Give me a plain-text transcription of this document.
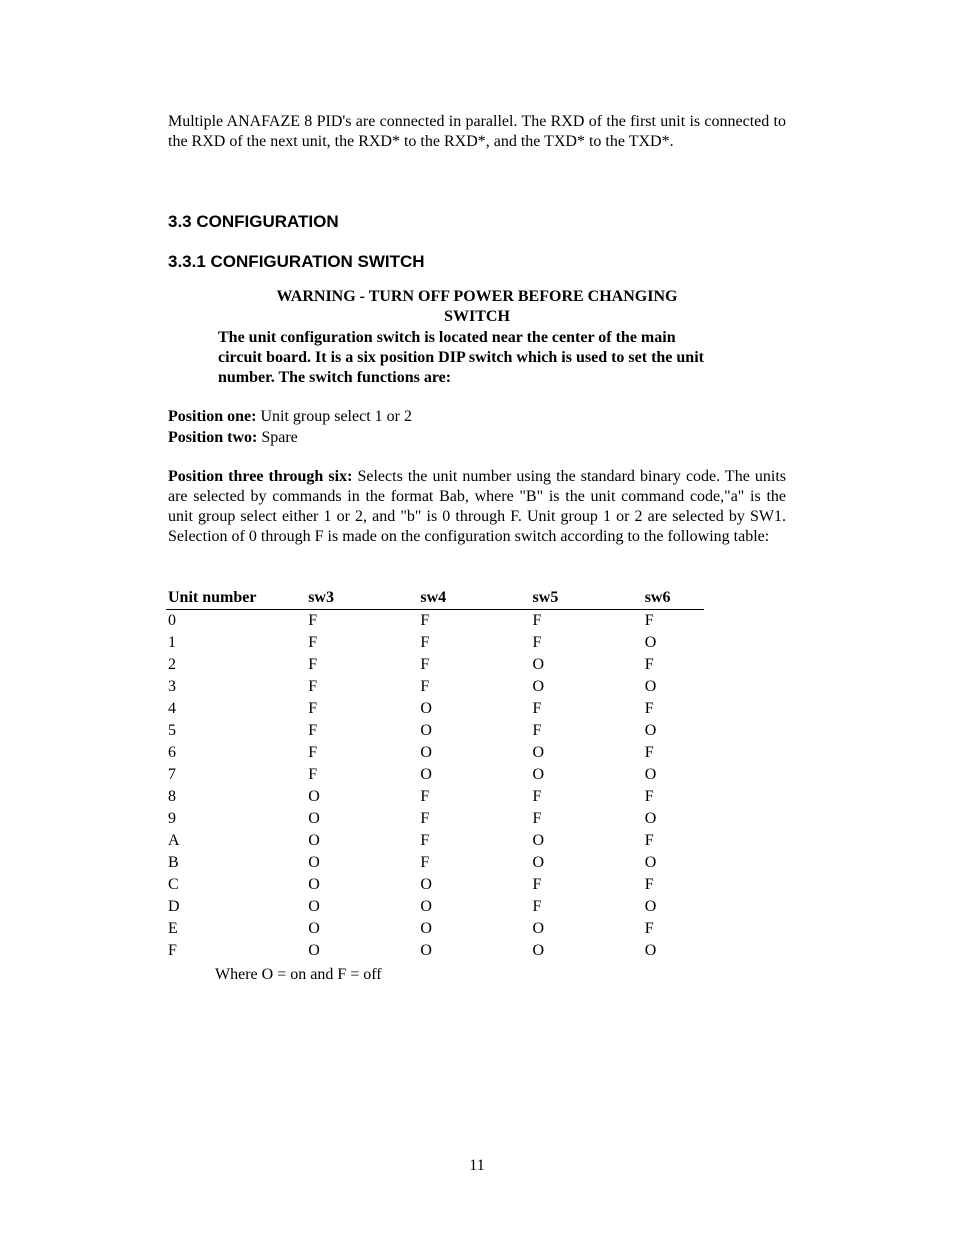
Multiple ANAFAZE 8 PID's are connected in parallel. The RXD of the first unit is connected to the RXD of the next unit, the RXD* to the RXD*, and the TXD* to the TXD*.

3.3 CONFIGURATION
3.3.1 CONFIGURATION SWITCH

WARNING - TURN OFF POWER BEFORE CHANGING SWITCH

The unit configuration switch is located near the center of the main circuit board. It is a six position DIP switch which is used to set the unit number. The switch functions are:

Position one: Unit group select 1 or 2

Position two: Spare

Position three through six: Selects the unit number using the standard binary code. The units are selected by commands in the format Bab, where "B" is the unit command code,"a" is the unit group select either 1 or 2, and "b" is 0 through F. Unit group 1 or 2 are selected by SW1. Selection of 0 through F is made on the configuration switch according to the following table:

Unit number	sw3	sw4	sw5	sw6
0	F	F	F	F
1	F	F	F	O
2	F	F	O	F
3	F	F	O	O
4	F	O	F	F
5	F	O	F	O
6	F	O	O	F
7	F	O	O	O
8	O	F	F	F
9	O	F	F	O
A	O	F	O	F
B	O	F	O	O
C	O	O	F	F
D	O	O	F	O
E	O	O	O	F
F	O	O	O	O

Where O = on and F = off

11
